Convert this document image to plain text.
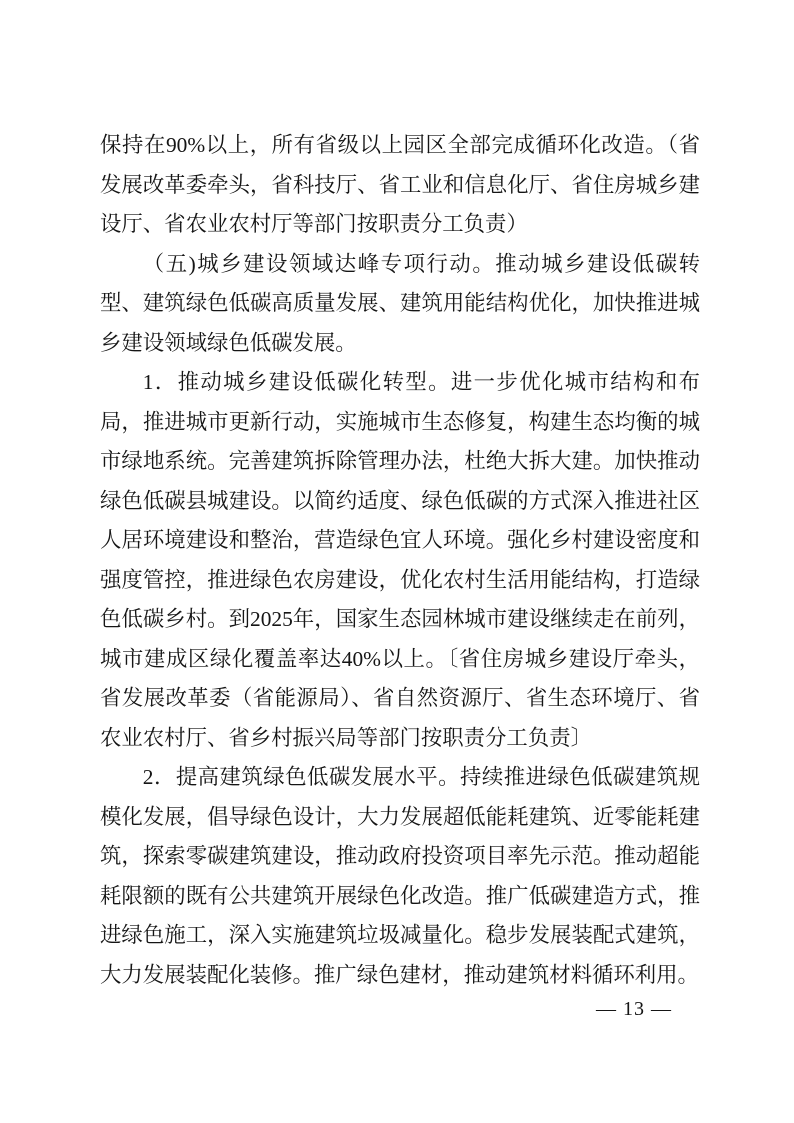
保持在90%以上，所有省级以上园区全部完成循环化改造。（省发展改革委牵头，省科技厅、省工业和信息化厅、省住房城乡建设厅、省农业农村厅等部门按职责分工负责）

（五)城乡建设领域达峰专项行动。推动城乡建设低碳转型、建筑绿色低碳高质量发展、建筑用能结构优化，加快推进城乡建设领域绿色低碳发展。

1．推动城乡建设低碳化转型。进一步优化城市结构和布局，推进城市更新行动，实施城市生态修复，构建生态均衡的城市绿地系统。完善建筑拆除管理办法，杜绝大拆大建。加快推动绿色低碳县城建设。以简约适度、绿色低碳的方式深入推进社区人居环境建设和整治，营造绿色宜人环境。强化乡村建设密度和强度管控，推进绿色农房建设，优化农村生活用能结构，打造绿色低碳乡村。到2025年，国家生态园林城市建设继续走在前列，城市建成区绿化覆盖率达40%以上。〔省住房城乡建设厅牵头，省发展改革委（省能源局）、省自然资源厅、省生态环境厅、省农业农村厅、省乡村振兴局等部门按职责分工负责〕

2．提高建筑绿色低碳发展水平。持续推进绿色低碳建筑规模化发展，倡导绿色设计，大力发展超低能耗建筑、近零能耗建筑，探索零碳建筑建设，推动政府投资项目率先示范。推动超能耗限额的既有公共建筑开展绿色化改造。推广低碳建造方式，推进绿色施工，深入实施建筑垃圾减量化。稳步发展装配式建筑，大力发展装配化装修。推广绿色建材，推动建筑材料循环利用。

— 13 —
